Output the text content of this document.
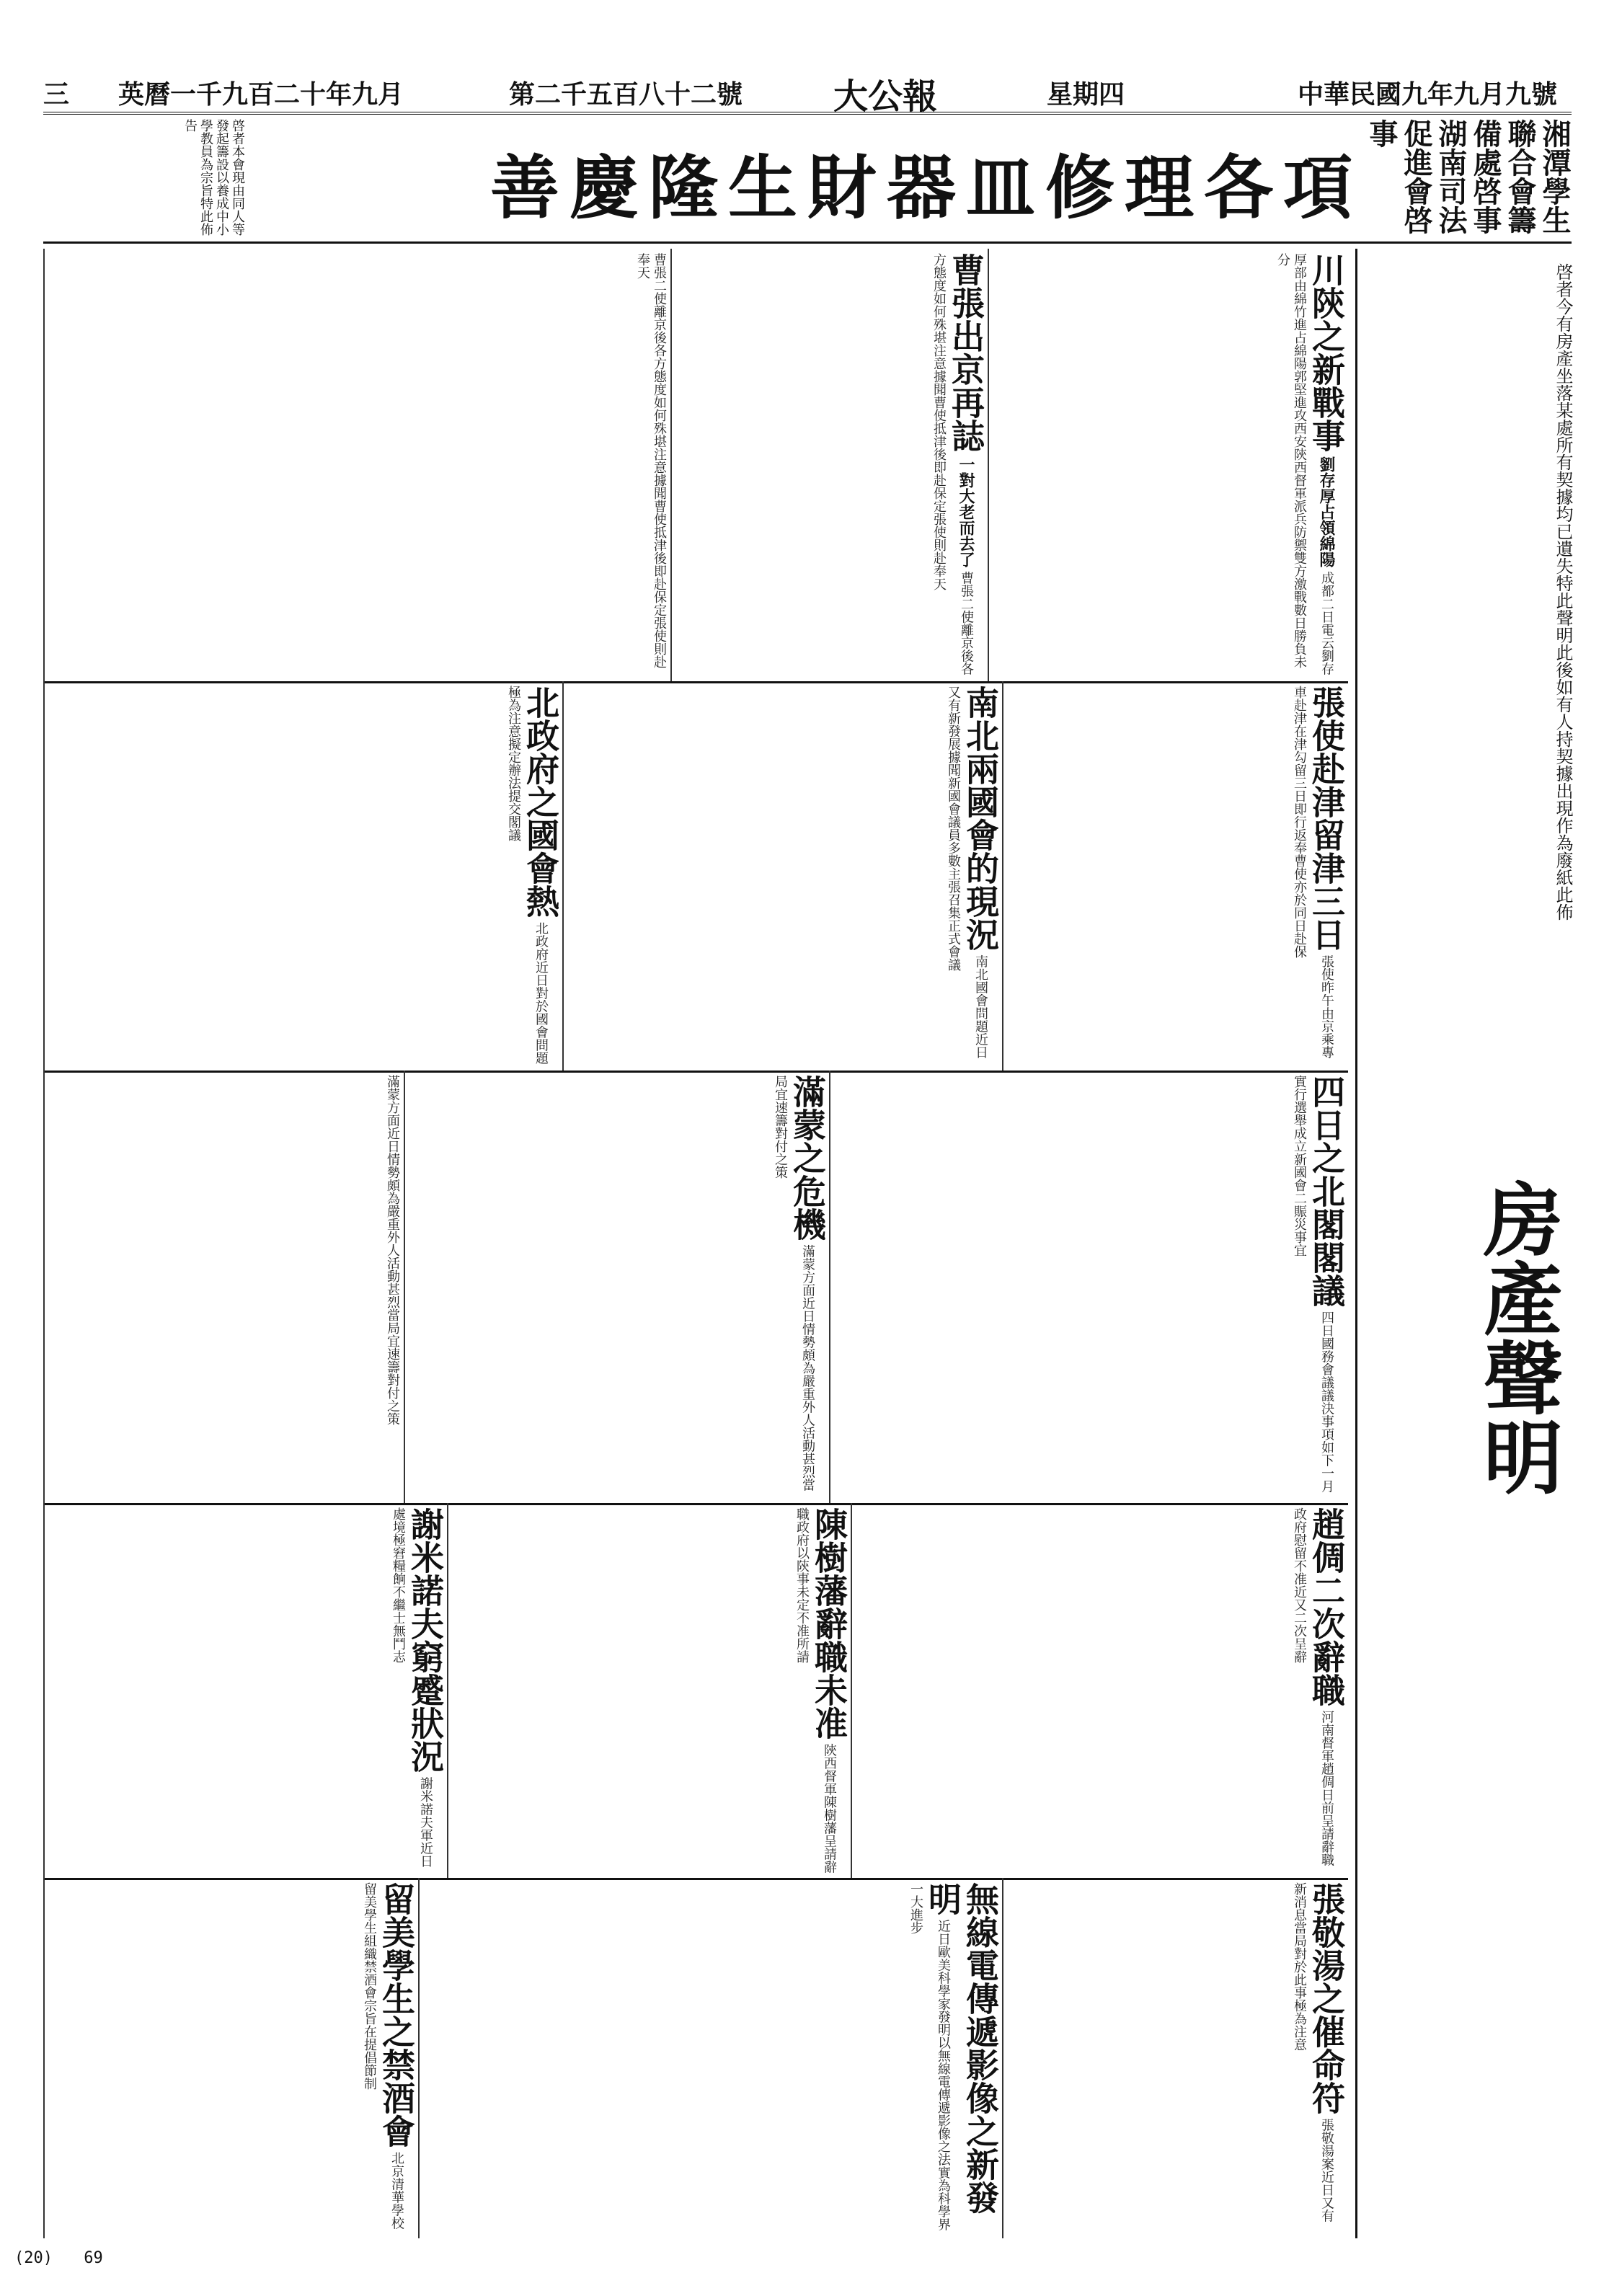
中華民國九年九月九號
星期四
大公報
第二千五百八十二號
英曆一千九百二十年九月
三
啓者本會現由同人等發起籌設以養成中小學教員為宗旨特此佈告
善慶隆生財器皿修理各項	湘潭學生聯合會籌備處啓事 湖南司法促進會啓事
房產聲明
啓者今有房產坐落某處所有契據均已遺失特此聲明此後如有人持契據出現作為廢紙此佈
川陝之新戰事 劉存厚占領綿陽 成都二日電云劉存厚部由綿竹進占綿陽郭堅進攻西安陝西督軍派兵防禦雙方激戰數日勝負未分
曹張出京再誌 一對大老而去了 曹張二使離京後各方態度如何殊堪注意據聞曹使抵津後即赴保定張使則赴奉天
曹張二使離京後各方態度如何殊堪注意據聞曹使抵津後即赴保定張使則赴奉天
張使赴津留津三日 張使昨午由京乘專車赴津在津勾留三日即行返奉曹使亦於同日赴保
南北兩國會的現況 南北國會問題近日又有新發展據聞新國會議員多數主張召集正式會議
北政府之國會熱 北政府近日對於國會問題極為注意擬定辦法提交閣議
四日之北閣閣議 四日國務會議議決事項如下一月實行選舉成立新國會二賑災事宜
滿蒙之危機 滿蒙方面近日情勢頗為嚴重外人活動甚烈當局宜速籌對付之策
滿蒙方面近日情勢頗為嚴重外人活動甚烈當局宜速籌對付之策
趙倜二次辭職 河南督軍趙倜日前呈請辭職政府慰留不准近又二次呈辭
陳樹藩辭職未准 陝西督軍陳樹藩呈請辭職政府以陝事未定不准所請
謝米諾夫窮蹙狀況 謝米諾夫軍近日處境極窘糧餉不繼士無鬥志
張敬湯之催命符 張敬湯案近日又有新消息當局對於此事極為注意
無線電傳遞影像之新發明 近日歐美科學家發明以無線電傳遞影像之法實為科學界一大進步
留美學生之禁酒會 北京清華學校留美學生組織禁酒會宗旨在提倡節制
(20) 69
